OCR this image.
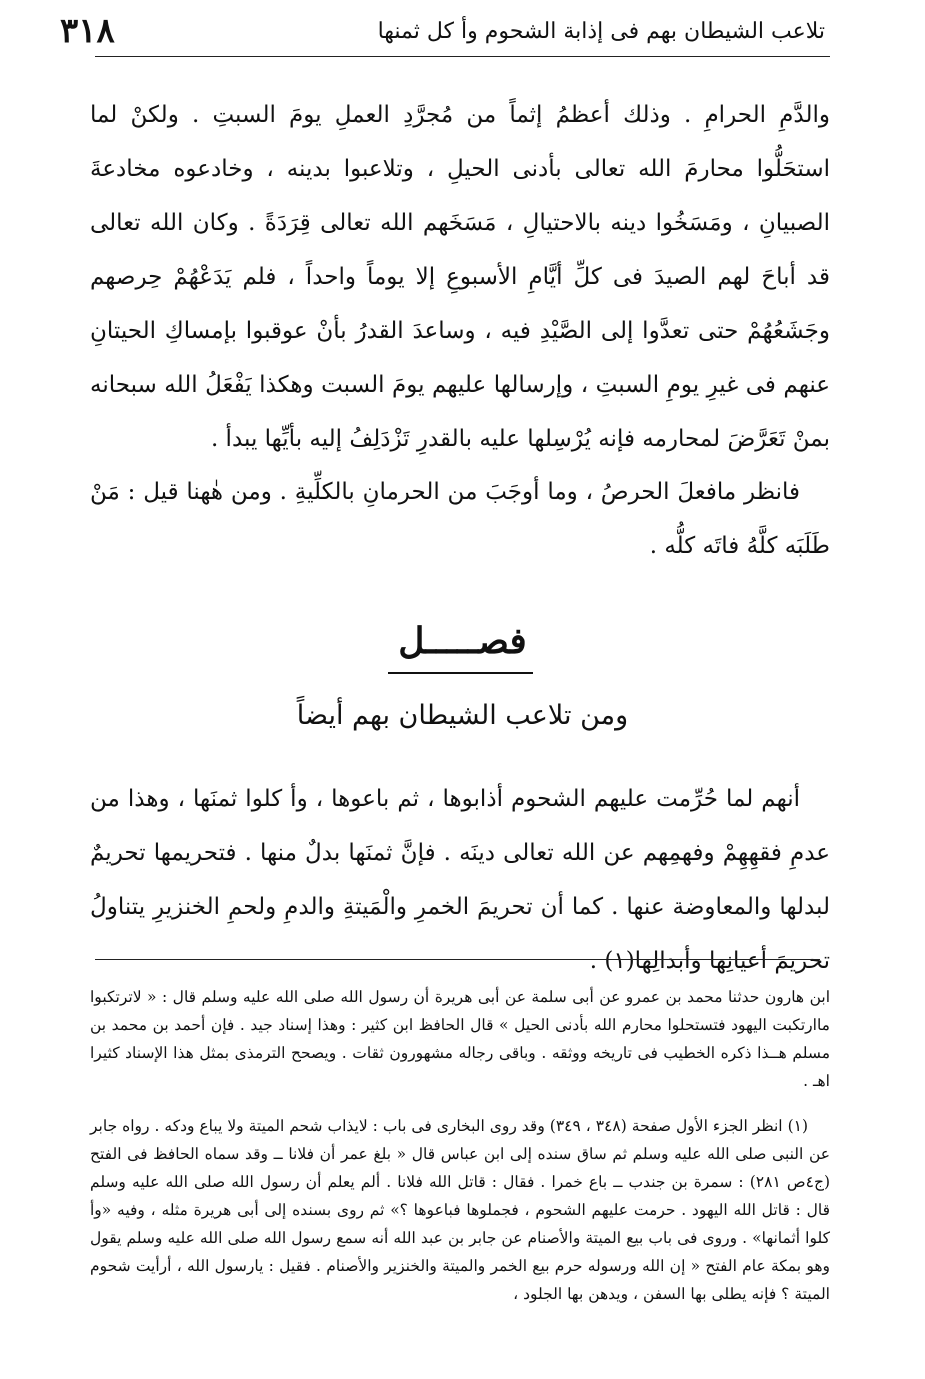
٣١٨	تلاعب الشيطان بهم فى إذابة الشحوم وأ كل ثمنها
والدَّمِ الحرامِ . وذلك أعظمُ إثماً من مُجرَّدِ العملِ يومَ السبتِ . ولكنْ لما استحَلُّوا محارمَ الله تعالى بأدنى الحيلِ ، وتلاعبوا بدينه ، وخادعوه مخادعةَ الصبيانِ ، ومَسَخُوا دينه بالاحتيالِ ، مَسَخَهم الله تعالى قِرَدَةً . وكان الله تعالى قد أباحَ لهم الصيدَ فى كلِّ أيَّامِ الأسبوعِ إلا يوماً واحداً ، فلم يَدَعْهُمْ حِرصهم وجَشَعُهُمْ حتى تعدَّوا إلى الصَّيْدِ فيه ، وساعدَ القدرُ بأنْ عوقبوا بإمساكِ الحيتانِ عنهم فى غيرِ يومِ السبتِ ، وإرسالها عليهم يومَ السبت وهكذا يَفْعَلُ الله سبحانه بمنْ تَعَرَّضَ لمحارمه فإنه يُرْسِلها عليه بالقدرِ تَزْدَلِفُ إليه بأيِّها يبدأ .
فانظر مافعلَ الحرصُ ، وما أوجَبَ من الحرمانِ بالكلِّيةِ . ومن هٰهنا قيل : مَنْ طَلَبَه كلَّهُ فاتَه كلُّه .
فصـــــل
ومن تلاعب الشيطان بهم أيضاً
أنهم لما حُرِّمت عليهم الشحوم أذابوها ، ثم باعوها ، وأ كلوا ثمنَها ، وهذا من عدمِ فقهِهِمْ وفهمِهم عن الله تعالى دينَه . فإنَّ ثمنَها بدلٌ منها . فتحريمها تحريمٌ لبدلها والمعاوضة عنها . كما أن تحريمَ الخمرِ والْمَيتةِ والدمِ ولحمِ الخنزيرِ يتناولُ تحريمَ أعيانِها وأبدالِها(١) .
ابن هارون حدثنا محمد بن عمرو عن أبى سلمة عن أبى هريرة أن رسول الله صلى الله عليه وسلم قال : « لاترتكبوا ماارتكبت اليهود فتستحلوا محارم الله بأدنى الحيل » قال الحافظ ابن كثير : وهذا إسناد جيد . فإن أحمد بن محمد بن مسلم هــذا ذكره الخطيب فى تاريخه ووثقه . وباقى رجاله مشهورون ثقات . ويصحح الترمذى بمثل هذا الإسناد كثيرا اهـ .
(١) انظر الجزء الأول صفحة (٣٤٨ ، ٣٤٩) وقد روى البخارى فى باب : لايذاب شحم الميتة ولا يباع ودكه . رواه جابر عن النبى صلى الله عليه وسلم ثم ساق سنده إلى ابن عباس قال « بلغ عمر أن فلانا ــ وقد سماه الحافظ فى الفتح (ج٤ص ٢٨١) : سمرة بن جندب ــ باع خمرا . فقال : قاتل الله فلانا . ألم يعلم أن رسول الله صلى الله عليه وسلم قال : قاتل الله اليهود . حرمت عليهم الشحوم ، فجملوها فباعوها ؟» ثم روى بسنده إلى أبى هريرة مثله ، وفيه «وأ كلوا أثمانها» . وروى فى باب بيع الميتة والأصنام عن جابر بن عبد الله أنه سمع رسول الله صلى الله عليه وسلم يقول وهو بمكة عام الفتح « إن الله ورسوله حرم بيع الخمر والميتة والخنزير والأصنام . فقيل : يارسول الله ، أرأيت شحوم الميتة ؟ فإنه يطلى بها السفن ، ويدهن بها الجلود ،
